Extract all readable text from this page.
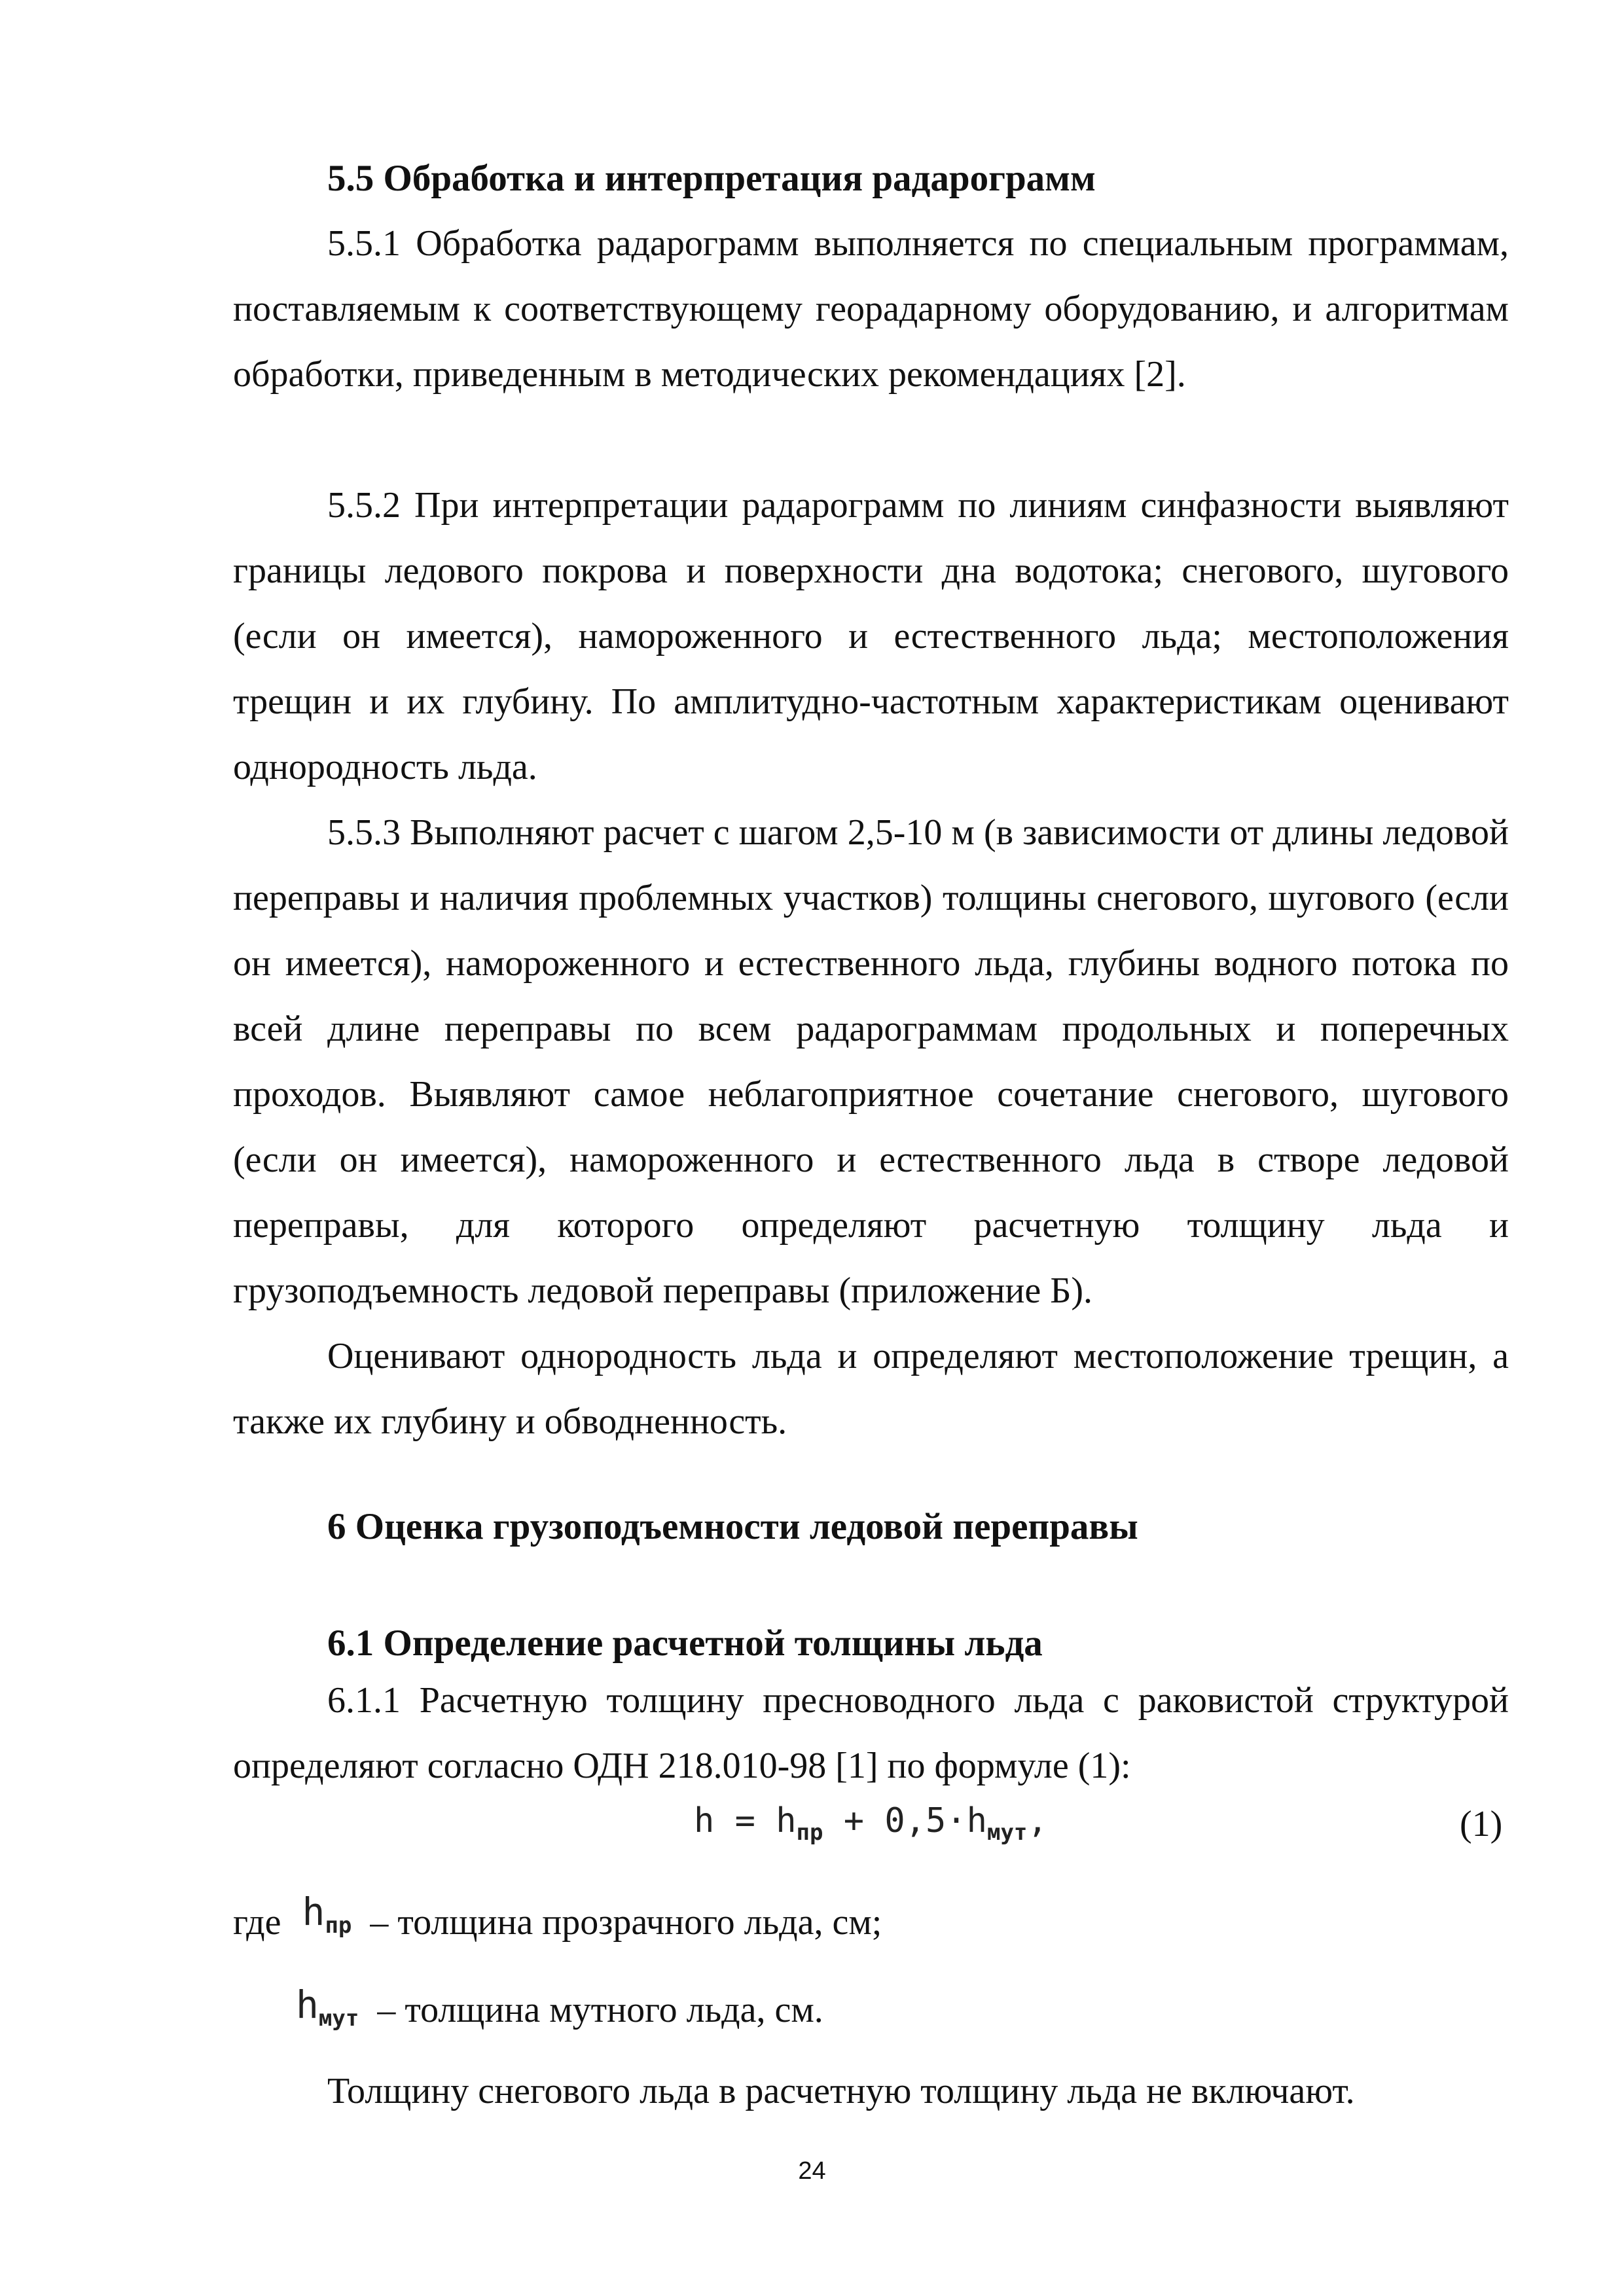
5.5 Обработка и интерпретация радарограмм

5.5.1 Обработка радарограмм выполняется по специальным программам, поставляемым к соответствующему георадарному оборудованию, и алгоритмам обработки, приведенным в методических рекомендациях [2].

5.5.2 При интерпретации радарограмм по линиям синфазности выявляют границы ледового покрова и поверхности дна водотока; снегового, шугового (если он имеется), намороженного и естественного льда; местоположения трещин и их глубину. По амплитудно-частотным характеристикам оценивают однородность льда.

5.5.3 Выполняют расчет с шагом 2,5-10 м (в зависимости от длины ледовой переправы и наличия проблемных участков) толщины снегового, шугового (если он имеется), намороженного и естественного льда, глубины водного потока по всей длине переправы по всем радарограммам продольных и поперечных проходов. Выявляют самое неблагоприятное сочетание снегового, шугового (если он имеется), намороженного и естественного льда в створе ледовой переправы, для которого определяют расчетную толщину льда и грузоподъемность ледовой переправы (приложение Б).

Оценивают однородность льда и определяют местоположение трещин, а также их глубину и обводненность.

6 Оценка грузоподъемности ледовой переправы
6.1 Определение расчетной толщины льда

6.1.1 Расчетную толщину пресноводного льда с раковистой структурой определяют согласно ОДН 218.010-98 [1] по формуле (1):

$h = h_{пр} + 0,5\cdot h_{мут}$,	(1)
где $h_{пр}$ – толщина прозрачного льда, см;
$h_{мут}$ – толщина мутного льда, см.
Толщину снегового льда в расчетную толщину льда не включают.
24
